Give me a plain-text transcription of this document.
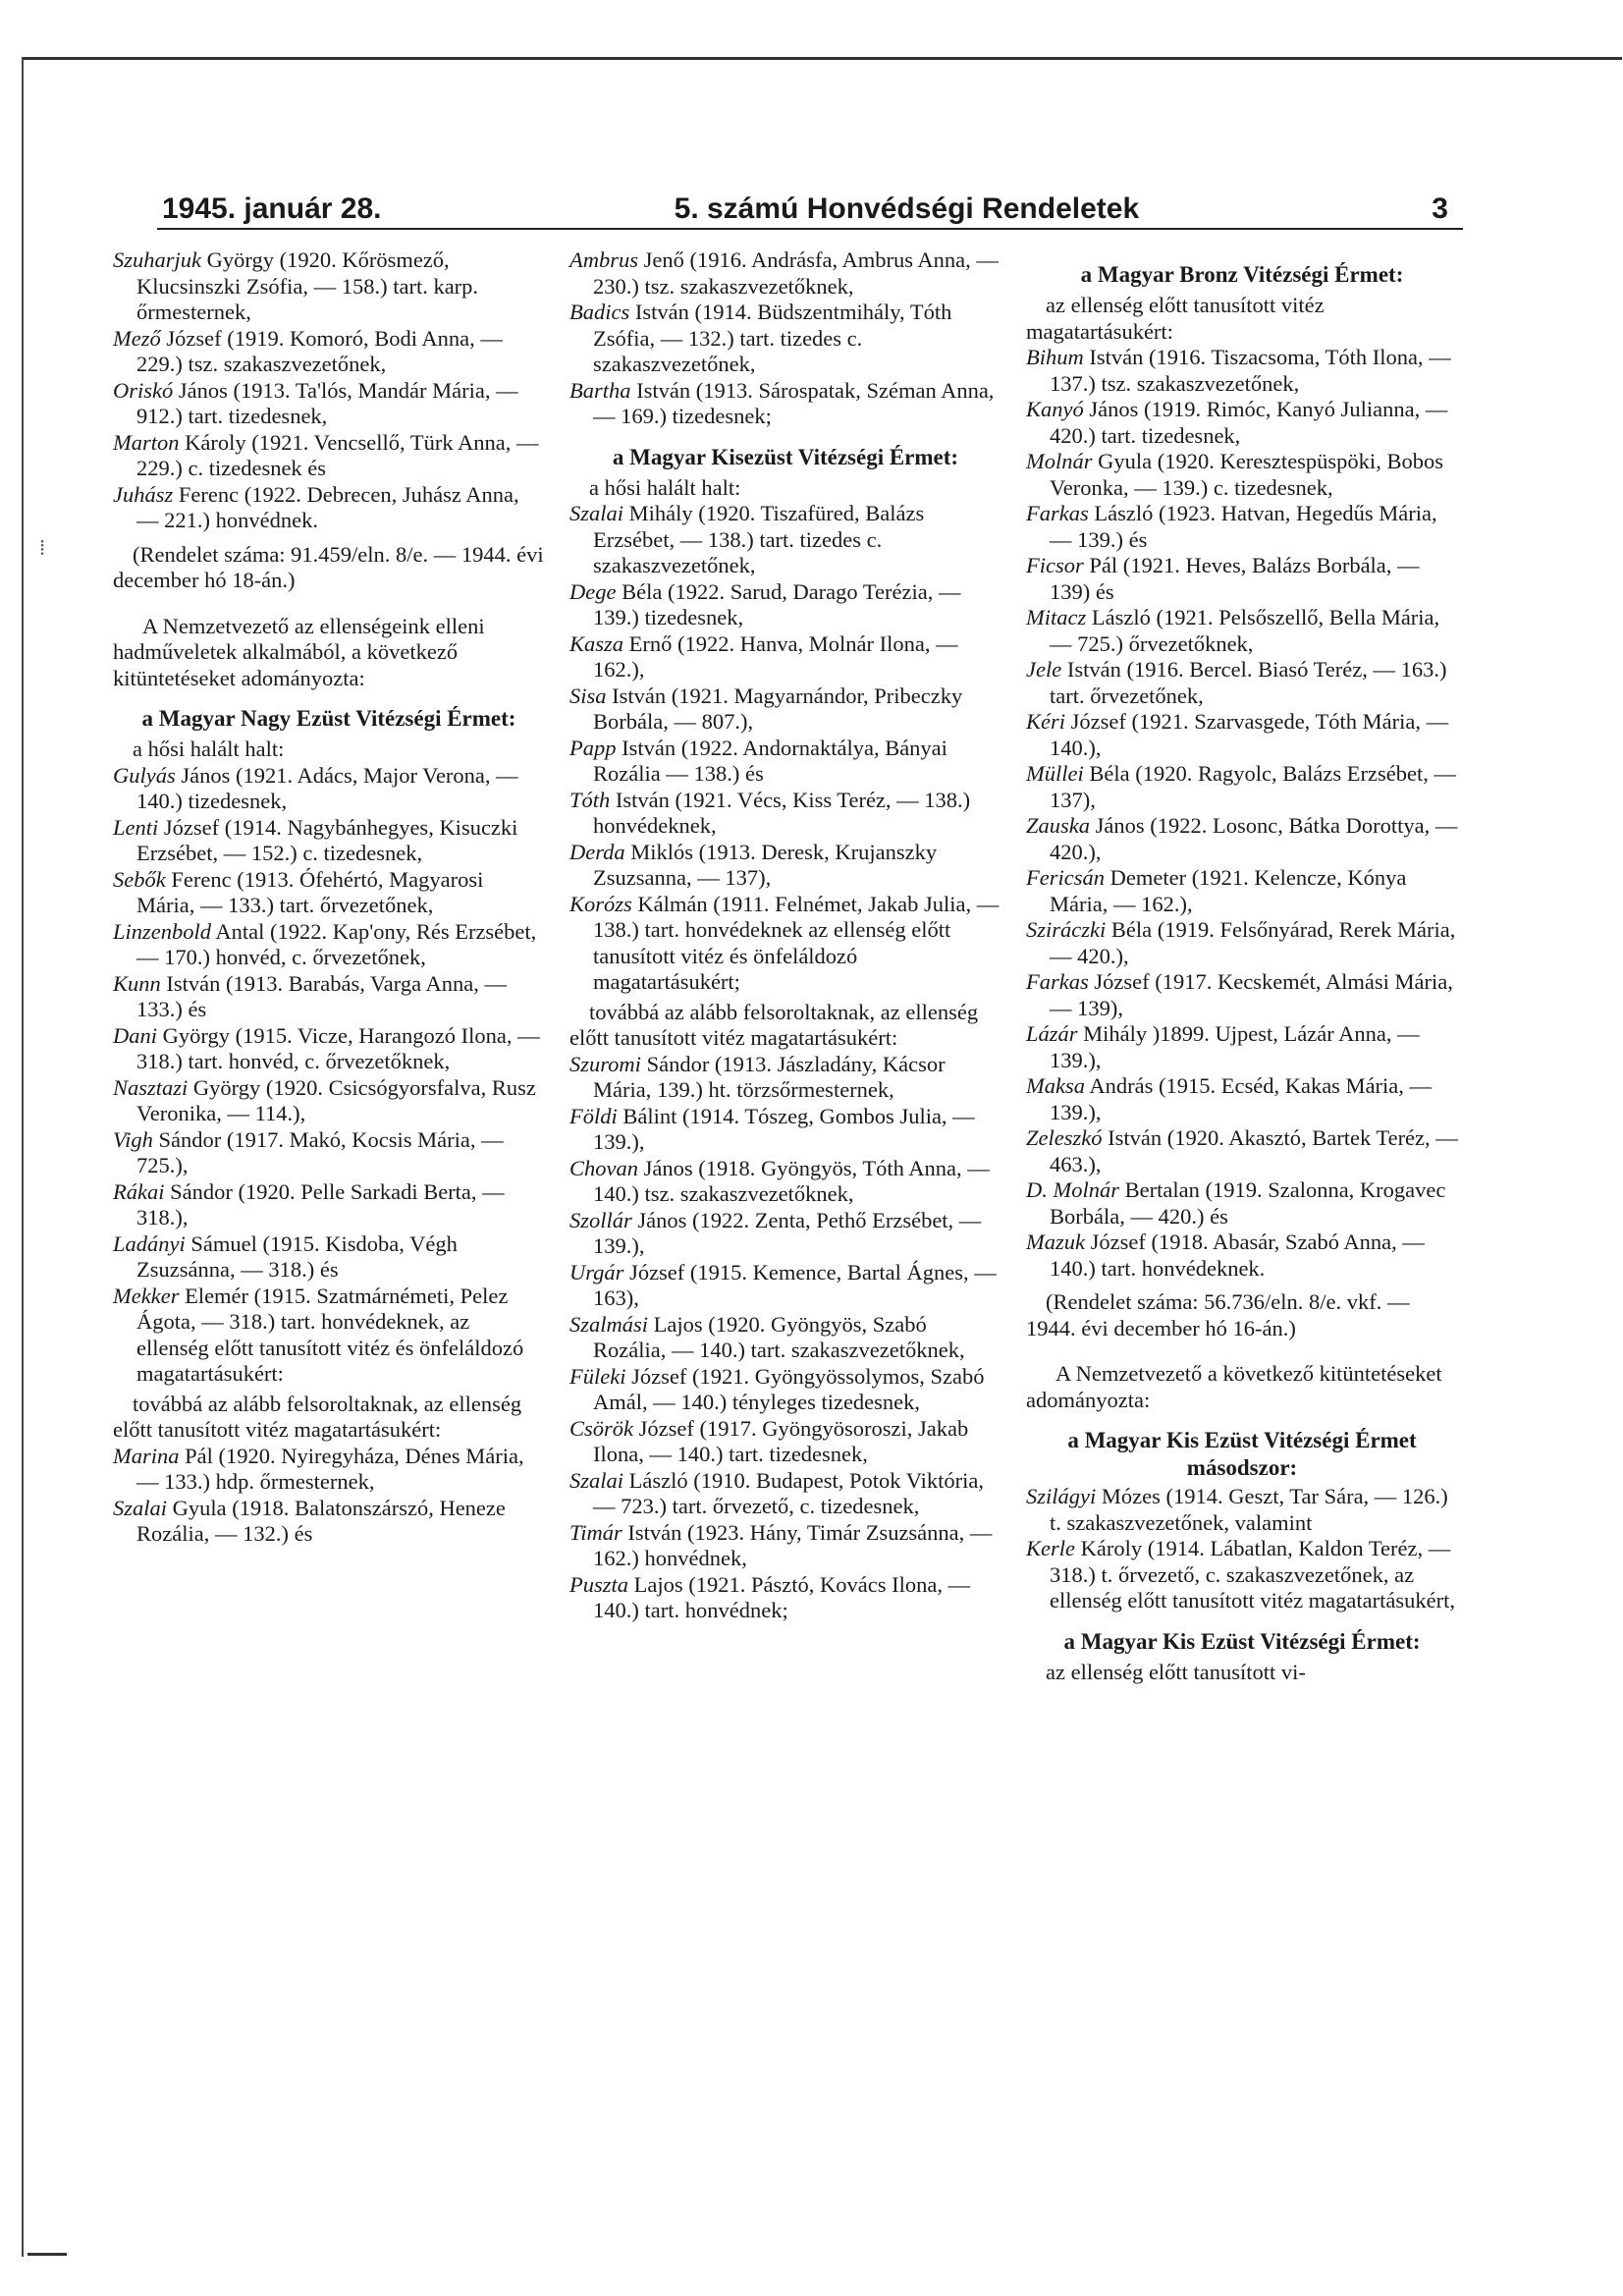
⁞
1945. január 28.	5. számú Honvédségi Rendeletek	3

Szuharjuk György (1920. Kőrösmező, Klucsinszki Zsófia, — 158.) tart. karp. őrmesternek,

Mező József (1919. Komoró, Bodi Anna, — 229.) tsz. szakaszvezetőnek,

Oriskó János (1913. Ta'lós, Mandár Mária, — 912.) tart. tizedesnek,

Marton Károly (1921. Vencsellő, Türk Anna, — 229.) c. tizedesnek és

Juhász Ferenc (1922. Debrecen, Juhász Anna, — 221.) honvédnek.

(Rendelet száma: 91.459/eln. 8/e. — 1944. évi december hó 18-án.)

A Nemzetvezető az ellenségeink elleni hadműveletek alkalmából, a következő kitüntetéseket adományozta:

a Magyar Nagy Ezüst Vitézségi Érmet:

a hősi halált halt:

Gulyás János (1921. Adács, Major Verona, — 140.) tizedesnek,

Lenti József (1914. Nagybánhegyes, Kisuczki Erzsébet, — 152.) c. tizedesnek,

Sebők Ferenc (1913. Ófehértó, Magyarosi Mária, — 133.) tart. őrvezetőnek,

Linzenbold Antal (1922. Kap'ony, Rés Erzsébet, — 170.) honvéd, c. őrvezetőnek,

Kunn István (1913. Barabás, Varga Anna, — 133.) és

Dani György (1915. Vicze, Harangozó Ilona, — 318.) tart. honvéd, c. őrvezetőknek,

Nasztazi György (1920. Csicsógyorsfalva, Rusz Veronika, — 114.),

Vigh Sándor (1917. Makó, Kocsis Mária, — 725.),

Rákai Sándor (1920. Pelle Sarkadi Berta, — 318.),

Ladányi Sámuel (1915. Kisdoba, Végh Zsuzsánna, — 318.) és

Mekker Elemér (1915. Szatmárnémeti, Pelez Ágota, — 318.) tart. honvédeknek, az ellenség előtt tanusított vitéz és önfeláldozó magatartásukért:

továbbá az alább felsoroltaknak, az ellenség előtt tanusított vitéz magatartásukért:

Marina Pál (1920. Nyiregyháza, Dénes Mária, — 133.) hdp. őrmesternek,

Szalai Gyula (1918. Balatonszárszó, Heneze Rozália, — 132.) és

Ambrus Jenő (1916. Andrásfa, Ambrus Anna, — 230.) tsz. szakaszvezetőknek,

Badics István (1914. Büdszentmihály, Tóth Zsófia, — 132.) tart. tizedes c. szakaszvezetőnek,

Bartha István (1913. Sárospatak, Széman Anna, — 169.) tizedesnek;

a Magyar Kisezüst Vitézségi Érmet:

a hősi halált halt:

Szalai Mihály (1920. Tiszafüred, Balázs Erzsébet, — 138.) tart. tizedes c. szakaszvezetőnek,

Dege Béla (1922. Sarud, Darago Terézia, — 139.) tizedesnek,

Kasza Ernő (1922. Hanva, Molnár Ilona, — 162.),

Sisa István (1921. Magyarnándor, Pribeczky Borbála, — 807.),

Papp István (1922. Andornaktálya, Bányai Rozália — 138.) és

Tóth István (1921. Vécs, Kiss Teréz, — 138.) honvédeknek,

Derda Miklós (1913. Deresk, Krujanszky Zsuzsanna, — 137),

Korózs Kálmán (1911. Felnémet, Jakab Julia, — 138.) tart. honvédeknek az ellenség előtt tanusított vitéz és önfeláldozó magatartásukért;

továbbá az alább felsoroltaknak, az ellenség előtt tanusított vitéz magatartásukért:

Szuromi Sándor (1913. Jászladány, Kácsor Mária, 139.) ht. törzsőrmesternek,

Földi Bálint (1914. Tószeg, Gombos Julia, — 139.),

Chovan János (1918. Gyöngyös, Tóth Anna, — 140.) tsz. szakaszvezetőknek,

Szollár János (1922. Zenta, Pethő Erzsébet, — 139.),

Urgár József (1915. Kemence, Bartal Ágnes, — 163),

Szalmási Lajos (1920. Gyöngyös, Szabó Rozália, — 140.) tart. szakaszvezetőknek,

Füleki József (1921. Gyöngyössolymos, Szabó Amál, — 140.) tényleges tizedesnek,

Csörök József (1917. Gyöngyösoroszi, Jakab Ilona, — 140.) tart. tizedesnek,

Szalai László (1910. Budapest, Potok Viktória, — 723.) tart. őrvezető, c. tizedesnek,

Timár István (1923. Hány, Timár Zsuzsánna, — 162.) honvédnek,

Puszta Lajos (1921. Pásztó, Kovács Ilona, — 140.) tart. honvédnek;

a Magyar Bronz Vitézségi Érmet:

az ellenség előtt tanusított vitéz magatartásukért:

Bihum István (1916. Tiszacsoma, Tóth Ilona, — 137.) tsz. szakaszvezetőnek,

Kanyó János (1919. Rimóc, Kanyó Julianna, — 420.) tart. tizedesnek,

Molnár Gyula (1920. Keresztespüspöki, Bobos Veronka, — 139.) c. tizedesnek,

Farkas László (1923. Hatvan, Hegedűs Mária, — 139.) és

Ficsor Pál (1921. Heves, Balázs Borbála, — 139) és

Mitacz László (1921. Pelsőszellő, Bella Mária, — 725.) őrvezetőknek,

Jele István (1916. Bercel. Biasó Teréz, — 163.) tart. őrvezetőnek,

Kéri József (1921. Szarvasgede, Tóth Mária, — 140.),

Müllei Béla (1920. Ragyolc, Balázs Erzsébet, — 137),

Zauska János (1922. Losonc, Bátka Dorottya, — 420.),

Fericsán Demeter (1921. Kelencze, Kónya Mária, — 162.),

Sziráczki Béla (1919. Felsőnyárad, Rerek Mária, — 420.),

Farkas József (1917. Kecskemét, Almási Mária, — 139),

Lázár Mihály )1899. Ujpest, Lázár Anna, — 139.),

Maksa András (1915. Ecséd, Kakas Mária, — 139.),

Zeleszkó István (1920. Akasztó, Bartek Teréz, — 463.),

D. Molnár Bertalan (1919. Szalonna, Krogavec Borbála, — 420.) és

Mazuk József (1918. Abasár, Szabó Anna, — 140.) tart. honvédeknek.

(Rendelet száma: 56.736/eln. 8/e. vkf. — 1944. évi december hó 16-án.)

A Nemzetvezető a következő kitüntetéseket adományozta:

a Magyar Kis Ezüst Vitézségi Érmet másodszor:

Szilágyi Mózes (1914. Geszt, Tar Sára, — 126.) t. szakaszvezetőnek, valamint

Kerle Károly (1914. Lábatlan, Kaldon Teréz, — 318.) t. őrvezető, c. szakaszvezetőnek, az ellenség előtt tanusított vitéz magatartásukért,

a Magyar Kis Ezüst Vitézségi Érmet:

az ellenség előtt tanusított vi-
